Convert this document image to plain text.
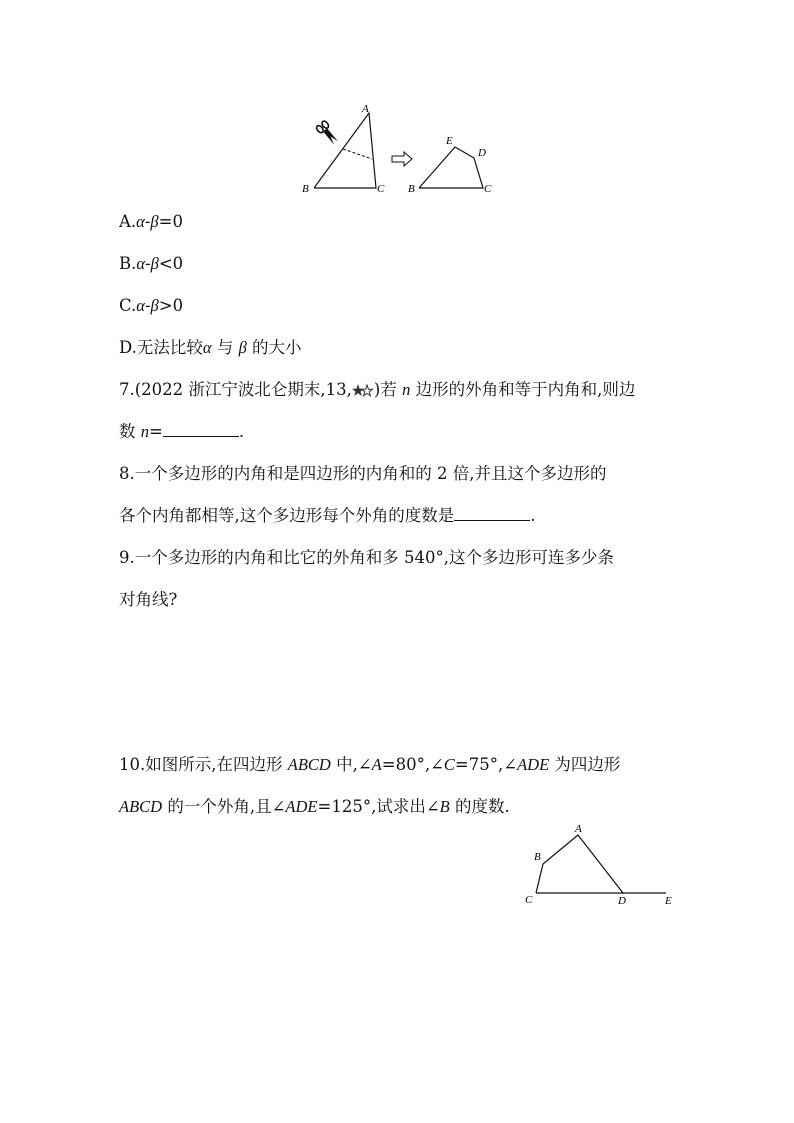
A
B	C
E
D
B	C
A.α-β=0
B.α-β<0
C.α-β>0
D.无法比较α 与 β 的大小
7.(2022 浙江宁波北仑期末,13, )若 n 边形的外角和等于内角和,则边
数 n=	.
8.一个多边形的内角和是四边形的内角和的 2 倍,并且这个多边形的
各个内角都相等,这个多边形每个外角的度数是	.
9.一个多边形的内角和比它的外角和多 540°,这个多边形可连多少条
对角线?
10.如图所示,在四边形 ABCD 中,∠A=80°,∠C=75°,∠ADE 为四边形
ABCD 的一个外角,且∠ADE=125°,试求出∠B 的度数.
A
B
C	D	E
